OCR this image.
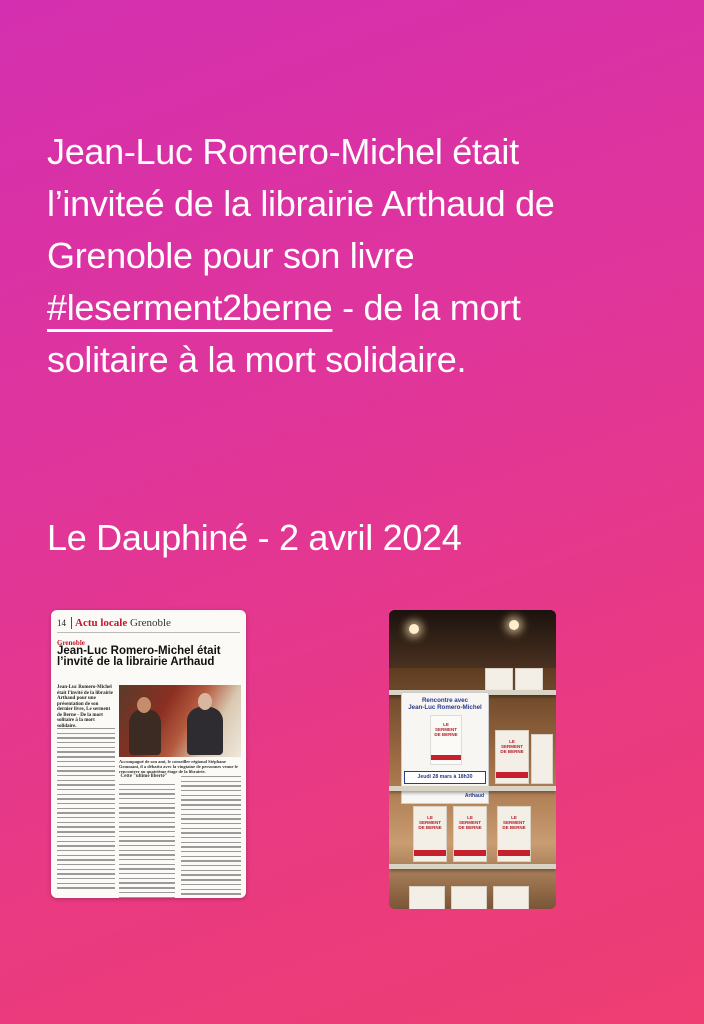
Jean-Luc Romero-Michel était
l’inviteé de la librairie Arthaud de
Grenoble pour son livre
#leserment2berne - de la mort
solitaire à la mort solidaire.
Le Dauphiné - 2 avril 2024
14 Actu locale Grenoble
Grenoble
Jean-Luc Romero-Michel était
l’invité de la librairie Arthaud
Jean-Luc Romero-Michel était l’invité de la librairie Arthaud pour une présentation de son dernier livre, Le serment de Berne - De la mort solitaire à la mort solidaire.
Accompagné de son ami, le conseiller régional Stéphane Gemmani, il a débattu avec la vingtaine de personnes venue le rencontrer au quatrième étage de la librairie.
Cette "ultime liberté"
Rencontre avec
Jean-Luc Romero-Michel
LE SERMENT DE BERNE
Jeudi 28 mars à 18h30
Arthaud
LE SERMENT DE BERNE
LE SERMENT DE BERNE
LE SERMENT DE BERNE
LE SERMENT DE BERNE
